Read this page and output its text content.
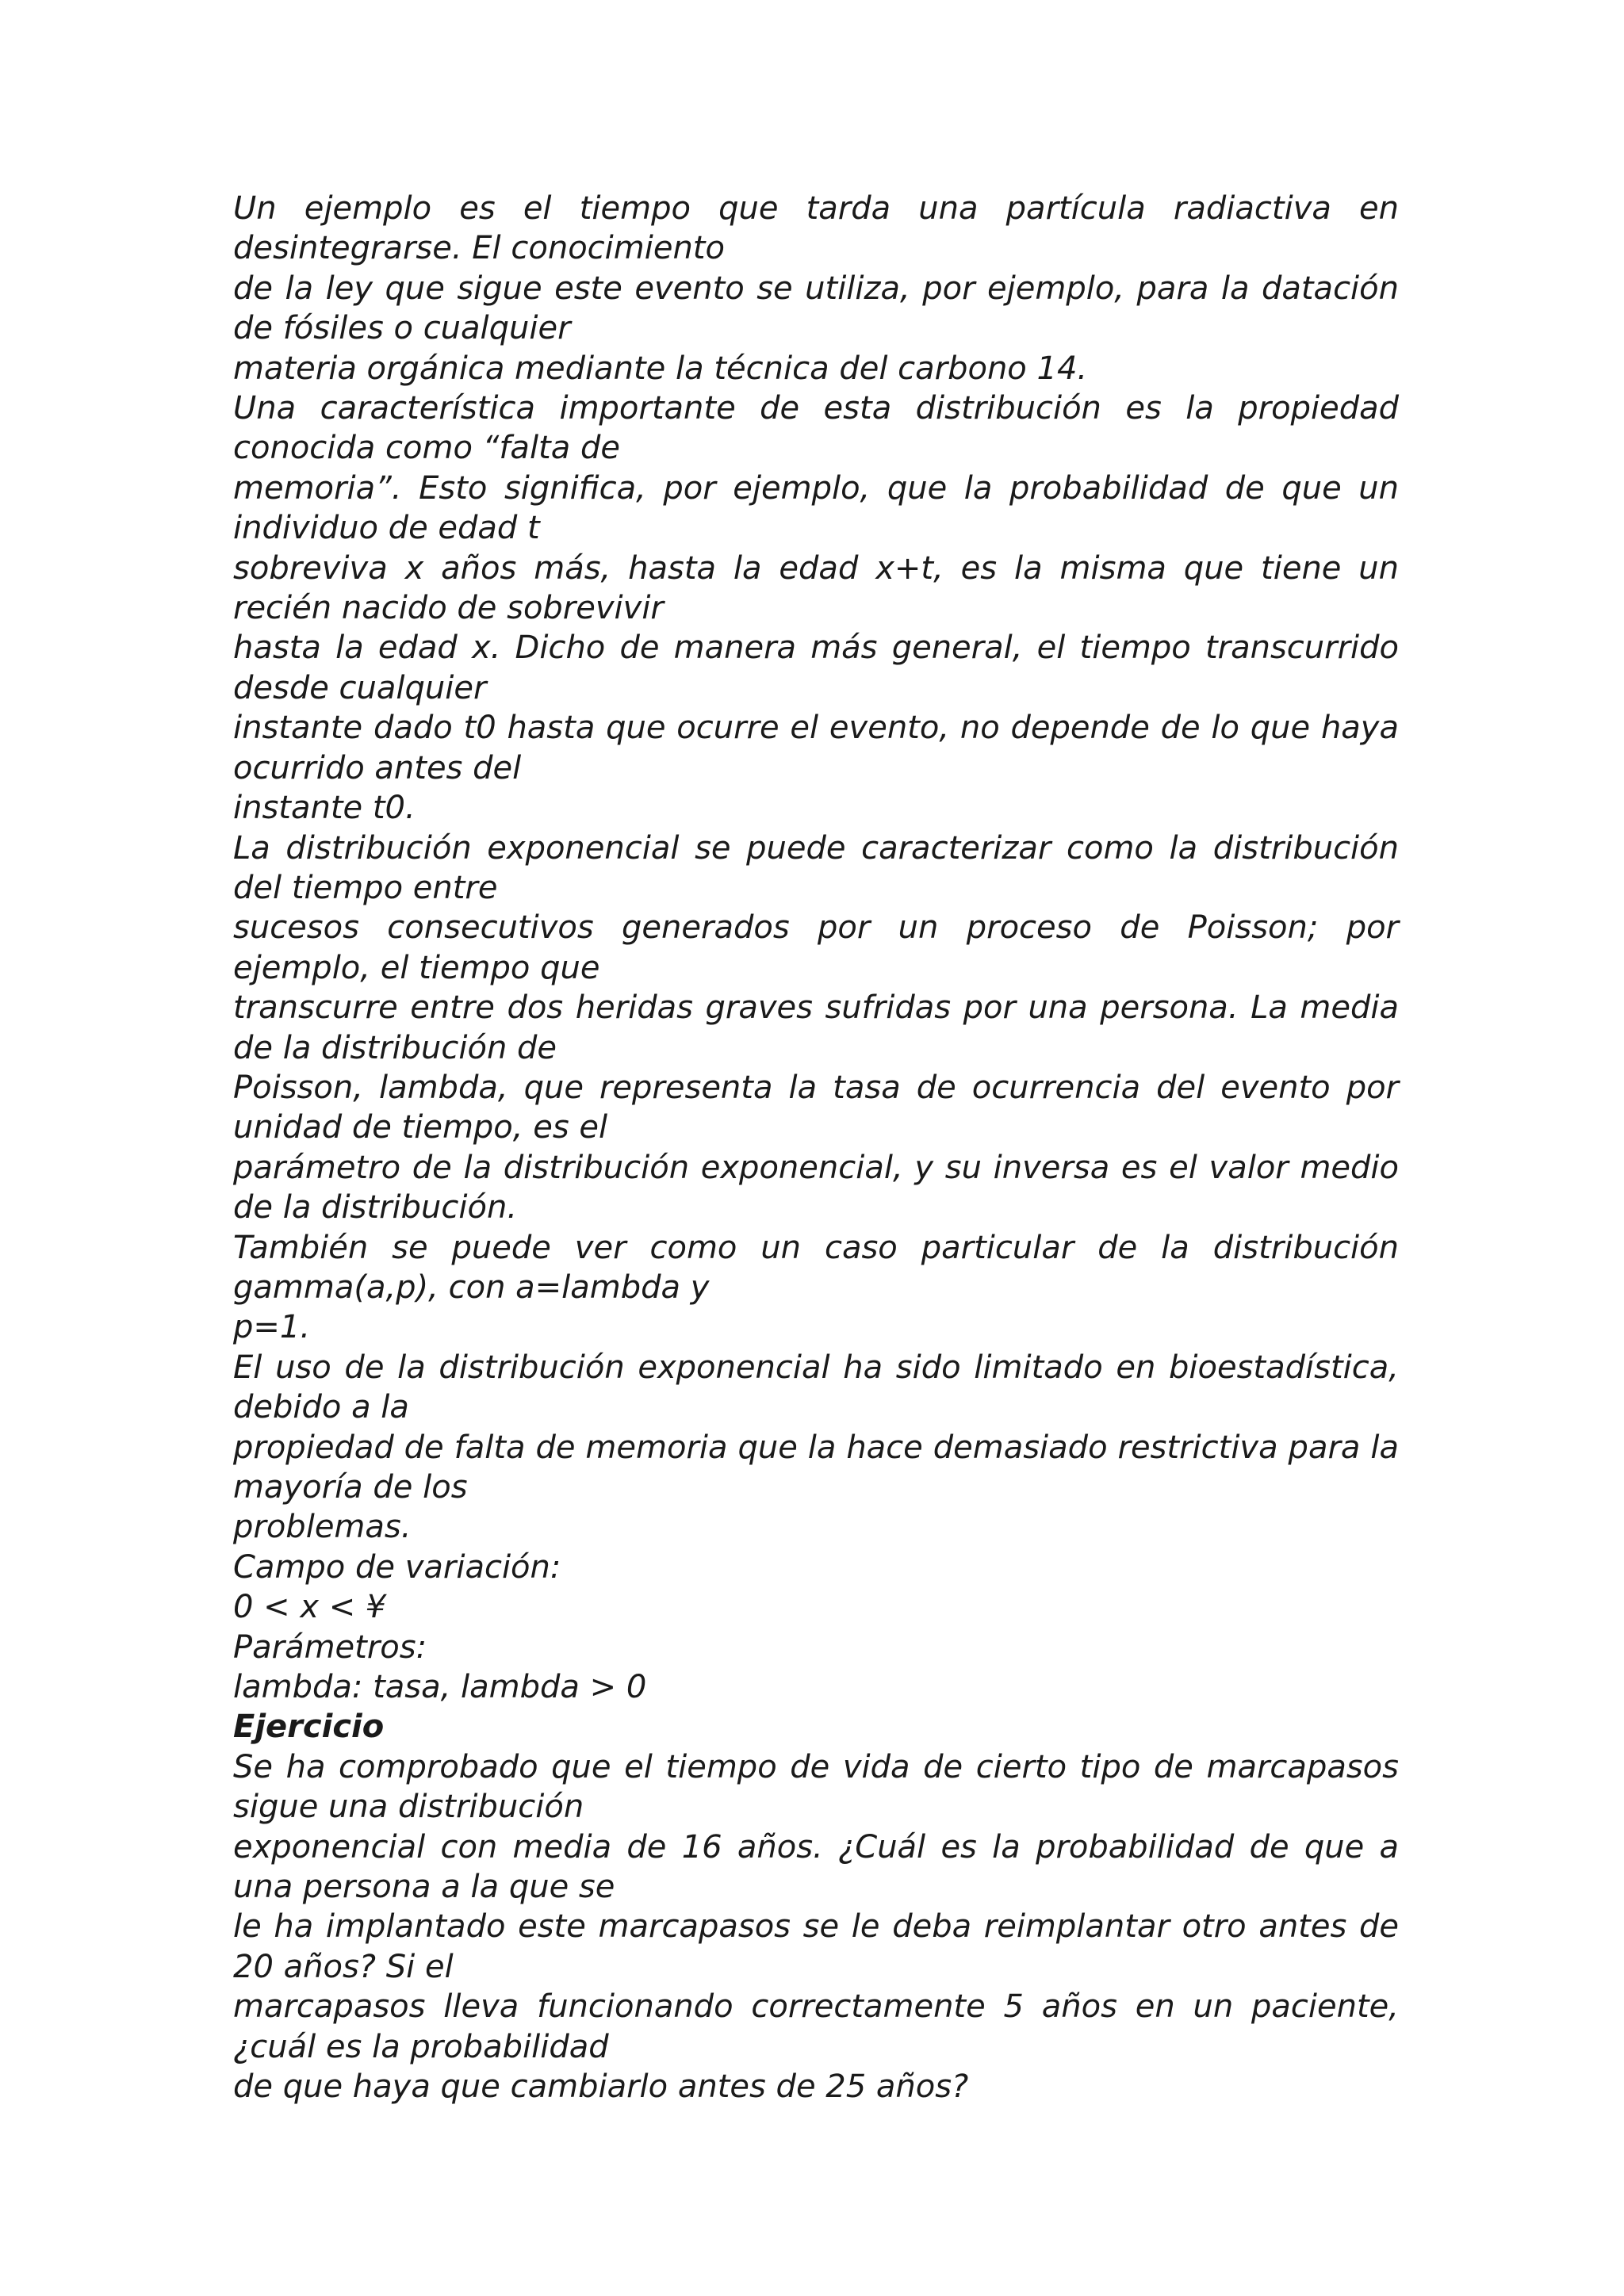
Un ejemplo es el tiempo que tarda una partícula radiactiva en desintegrarse. El conocimiento

de la ley que sigue este evento se utiliza, por ejemplo, para la datación de fósiles o cualquier

materia orgánica mediante la técnica del carbono 14.

Una característica importante de esta distribución es la propiedad conocida como “falta de

memoria”. Esto significa, por ejemplo, que la probabilidad de que un individuo de edad t

sobreviva x años más, hasta la edad x+t, es la misma que tiene un recién nacido de sobrevivir

hasta la edad x. Dicho de manera más general, el tiempo transcurrido desde cualquier

instante dado t0 hasta que ocurre el evento, no depende de lo que haya ocurrido antes del

instante t0.

La distribución exponencial se puede caracterizar como la distribución del tiempo entre

sucesos consecutivos generados por un proceso de Poisson; por ejemplo, el tiempo que

transcurre entre dos heridas graves sufridas por una persona. La media de la distribución de

Poisson, lambda, que representa la tasa de ocurrencia del evento por unidad de tiempo, es el

parámetro de la distribución exponencial, y su inversa es el valor medio de la distribución.

También se puede ver como un caso particular de la distribución gamma(a,p), con a=lambda y

p=1.

El uso de la distribución exponencial ha sido limitado en bioestadística, debido a la

propiedad de falta de memoria que la hace demasiado restrictiva para la mayoría de los

problemas.

Campo de variación:

0 < x < ¥

Parámetros:

lambda: tasa, lambda > 0

Ejercicio

Se ha comprobado que el tiempo de vida de cierto tipo de marcapasos sigue una distribución

exponencial con media de 16 años. ¿Cuál es la probabilidad de que a una persona a la que se

le ha implantado este marcapasos se le deba reimplantar otro antes de 20 años? Si el

marcapasos lleva funcionando correctamente 5 años en un paciente, ¿cuál es la probabilidad

de que haya que cambiarlo antes de 25 años?
